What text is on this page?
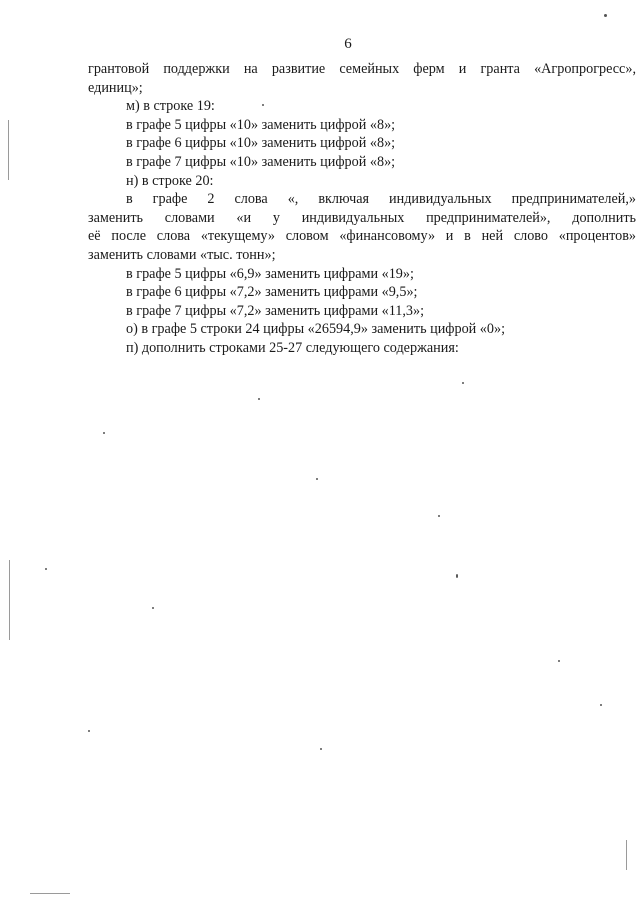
6
грантовой поддержки на развитие семейных ферм и гранта «Агропрогресс»,
единиц»;
м) в строке 19:
в графе 5 цифры «10» заменить цифрой «8»;
в графе 6 цифры «10» заменить цифрой «8»;
в графе 7 цифры «10» заменить цифрой «8»;
н) в строке 20:
в графе 2 слова «, включая индивидуальных предпринимателей,»
заменить словами «и у индивидуальных предпринимателей», дополнить
её после слова «текущему» словом «финансовому» и в ней слово «процентов»
заменить словами «тыс. тонн»;
в графе 5 цифры «6,9» заменить цифрами «19»;
в графе 6 цифры «7,2» заменить цифрами «9,5»;
в графе 7 цифры «7,2» заменить цифрами «11,3»;
о) в графе 5 строки 24 цифры «26594,9» заменить цифрой «0»;
п) дополнить строками 25-27 следующего содержания:
